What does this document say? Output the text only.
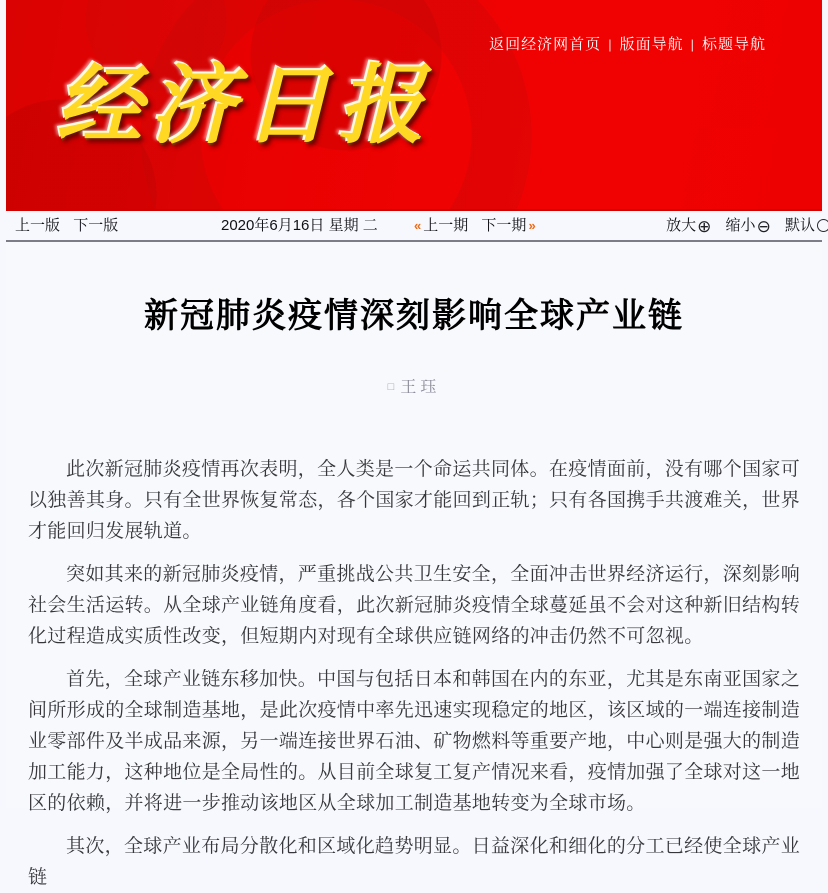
返回经济网首页 | 版面导航 | 标题导航
经济日报
上一版 下一版	2020年6月16日 星期 二	« 上一期 下一期 »	放大⊕ 缩小⊖ 默认
新冠肺炎疫情深刻影响全球产业链
□ 王珏

此次新冠肺炎疫情再次表明，全人类是一个命运共同体。在疫情面前，没有哪个国家可以独善其身。只有全世界恢复常态，各个国家才能回到正轨；只有各国携手共渡难关，世界才能回归发展轨道。

突如其来的新冠肺炎疫情，严重挑战公共卫生安全，全面冲击世界经济运行，深刻影响社会生活运转。从全球产业链角度看，此次新冠肺炎疫情全球蔓延虽不会对这种新旧结构转化过程造成实质性改变，但短期内对现有全球供应链网络的冲击仍然不可忽视。

首先，全球产业链东移加快。中国与包括日本和韩国在内的东亚，尤其是东南亚国家之间所形成的全球制造基地，是此次疫情中率先迅速实现稳定的地区，该区域的一端连接制造业零部件及半成品来源，另一端连接世界石油、矿物燃料等重要产地，中心则是强大的制造加工能力，这种地位是全局性的。从目前全球复工复产情况来看，疫情加强了全球对这一地区的依赖，并将进一步推动该地区从全球加工制造基地转变为全球市场。

其次，全球产业布局分散化和区域化趋势明显。日益深化和细化的分工已经使全球产业链
